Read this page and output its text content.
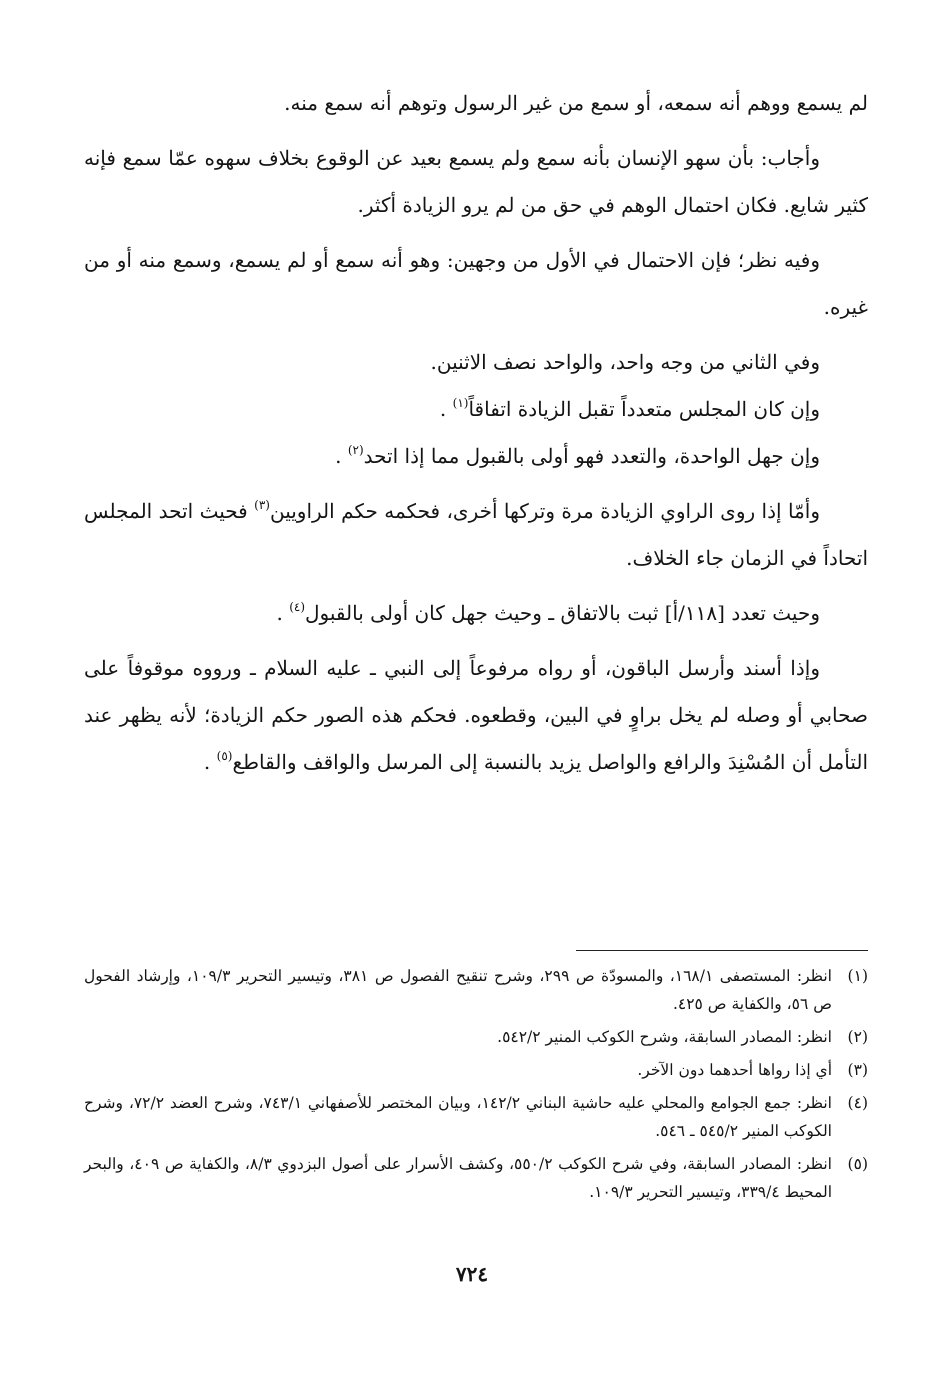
لم يسمع ووهم أنه سمعه، أو سمع من غير الرسول وتوهم أنه سمع منه.

وأجاب: بأن سهو الإنسان بأنه سمع ولم يسمع بعيد عن الوقوع بخلاف سهوه عمّا سمع فإنه كثير شايع. فكان احتمال الوهم في حق من لم يرو الزيادة أكثر.

وفيه نظر؛ فإن الاحتمال في الأول من وجهين: وهو أنه سمع أو لم يسمع، وسمع منه أو من غيره.

وفي الثاني من وجه واحد، والواحد نصف الاثنين.

وإن كان المجلس متعدداً تقبل الزيادة اتفاقاً$^{(١)}$ .

وإن جهل الواحدة، والتعدد فهو أولى بالقبول مما إذا اتحد$^{(٢)}$ .

وأمّا إذا روى الراوي الزيادة مرة وتركها أخرى، فحكمه حكم الراويين$^{(٣)}$ فحيث اتحد المجلس اتحاداً في الزمان جاء الخلاف.

وحيث تعدد [١١٨/أ] ثبت بالاتفاق ـ وحيث جهل كان أولى بالقبول$^{(٤)}$ .

وإذا أسند وأرسل الباقون، أو رواه مرفوعاً إلى النبي ـ عليه السلام ـ ورووه موقوفاً على صحابي أو وصله لم يخل براوٍ في البين، وقطعوه. فحكم هذه الصور حكم الزيادة؛ لأنه يظهر عند التأمل أن المُسْنِدَ والرافع والواصل يزيد بالنسبة إلى المرسل والواقف والقاطع$^{(٥)}$ .

(١)
انظر: المستصفى ١٦٨/١، والمسودّة ص ٢٩٩، وشرح تنقيح الفصول ص ٣٨١، وتيسير التحرير ١٠٩/٣، وإرشاد الفحول ص ٥٦، والكفاية ص ٤٢٥.
(٢)
انظر: المصادر السابقة، وشرح الكوكب المنير ٥٤٢/٢.
(٣)
أي إذا رواها أحدهما دون الآخر.
(٤)
انظر: جمع الجوامع والمحلي عليه حاشية البناني ١٤٢/٢، وبيان المختصر للأصفهاني ٧٤٣/١، وشرح العضد ٧٢/٢، وشرح الكوكب المنير ٥٤٥/٢ ـ ٥٤٦.
(٥)
انظر: المصادر السابقة، وفي شرح الكوكب ٥٥٠/٢، وكشف الأسرار على أصول البزدوي ٨/٣، والكفاية ص ٤٠٩، والبحر المحيط ٣٣٩/٤، وتيسير التحرير ١٠٩/٣.
٧٢٤
